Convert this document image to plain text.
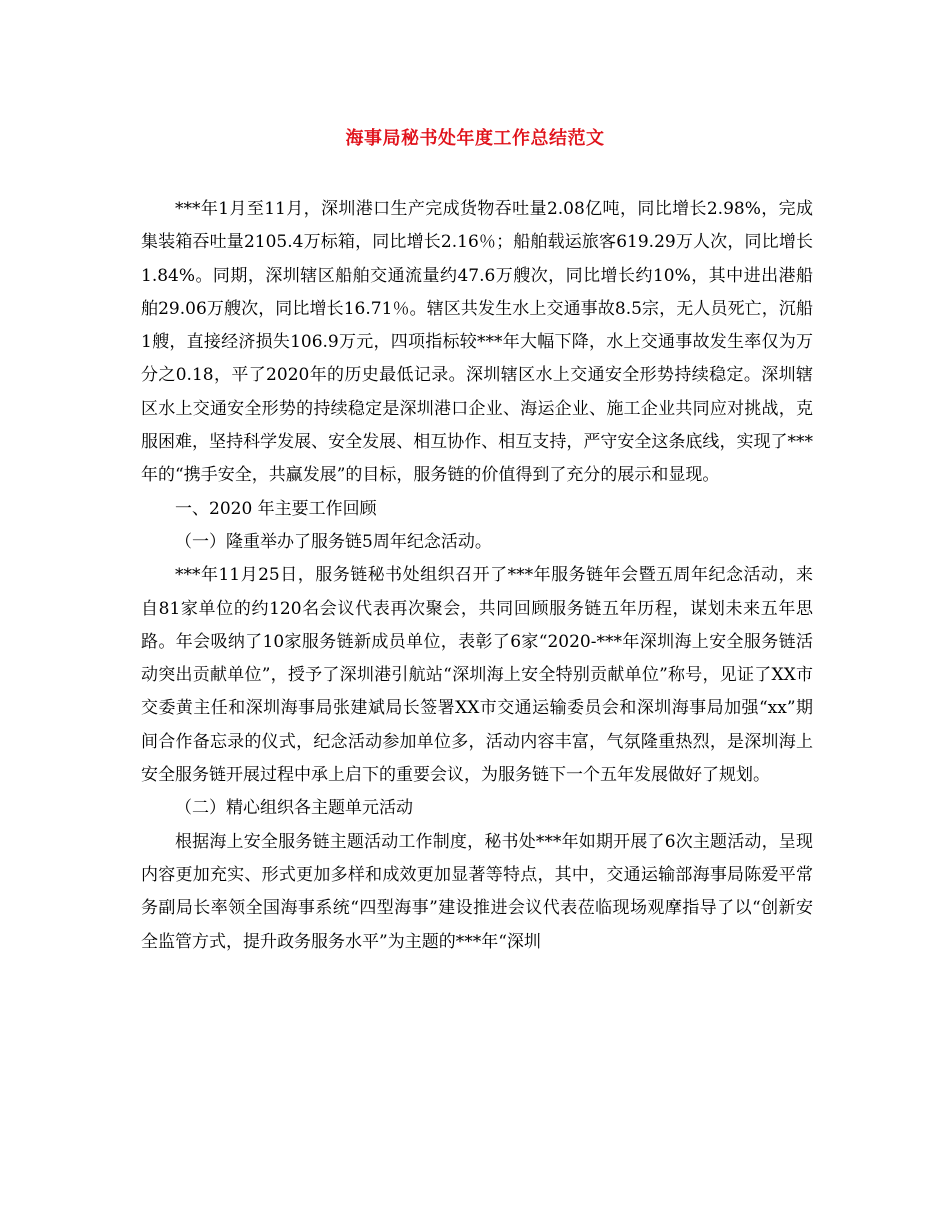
海事局秘书处年度工作总结范文

***年1月至11月，深圳港口生产完成货物吞吐量2.08亿吨，同比增长2.98%，完成集装箱吞吐量2105.4万标箱，同比增长2.16％；船舶载运旅客619.29万人次，同比增长1.84%。同期，深圳辖区船舶交通流量约47.6万艘次，同比增长约10%，其中进出港船舶29.06万艘次，同比增长16.71％。辖区共发生水上交通事故8.5宗，无人员死亡，沉船1艘，直接经济损失106.9万元，四项指标较***年大幅下降，水上交通事故发生率仅为万分之0.18，平了2020年的历史最低记录。深圳辖区水上交通安全形势持续稳定。深圳辖区水上交通安全形势的持续稳定是深圳港口企业、海运企业、施工企业共同应对挑战，克服困难，坚持科学发展、安全发展、相互协作、相互支持，严守安全这条底线，实现了***年的“携手安全，共赢发展”的目标，服务链的价值得到了充分的展示和显现。

一、2020 年主要工作回顾

（一）隆重举办了服务链5周年纪念活动。

***年11月25日，服务链秘书处组织召开了***年服务链年会暨五周年纪念活动，来自81家单位的约120名会议代表再次聚会，共同回顾服务链五年历程，谋划未来五年思路。年会吸纳了10家服务链新成员单位，表彰了6家“2020-***年深圳海上安全服务链活动突出贡献单位”，授予了深圳港引航站“深圳海上安全特别贡献单位”称号，见证了XX市交委黄主任和深圳海事局张建斌局长签署XX市交通运输委员会和深圳海事局加强“xx”期间合作备忘录的仪式，纪念活动参加单位多，活动内容丰富，气氛隆重热烈，是深圳海上安全服务链开展过程中承上启下的重要会议，为服务链下一个五年发展做好了规划。

（二）精心组织各主题单元活动

根据海上安全服务链主题活动工作制度，秘书处***年如期开展了6次主题活动，呈现内容更加充实、形式更加多样和成效更加显著等特点，其中，交通运输部海事局陈爱平常务副局长率领全国海事系统“四型海事”建设推进会议代表莅临现场观摩指导了以“创新安全监管方式，提升政务服务水平”为主题的***年“深圳
